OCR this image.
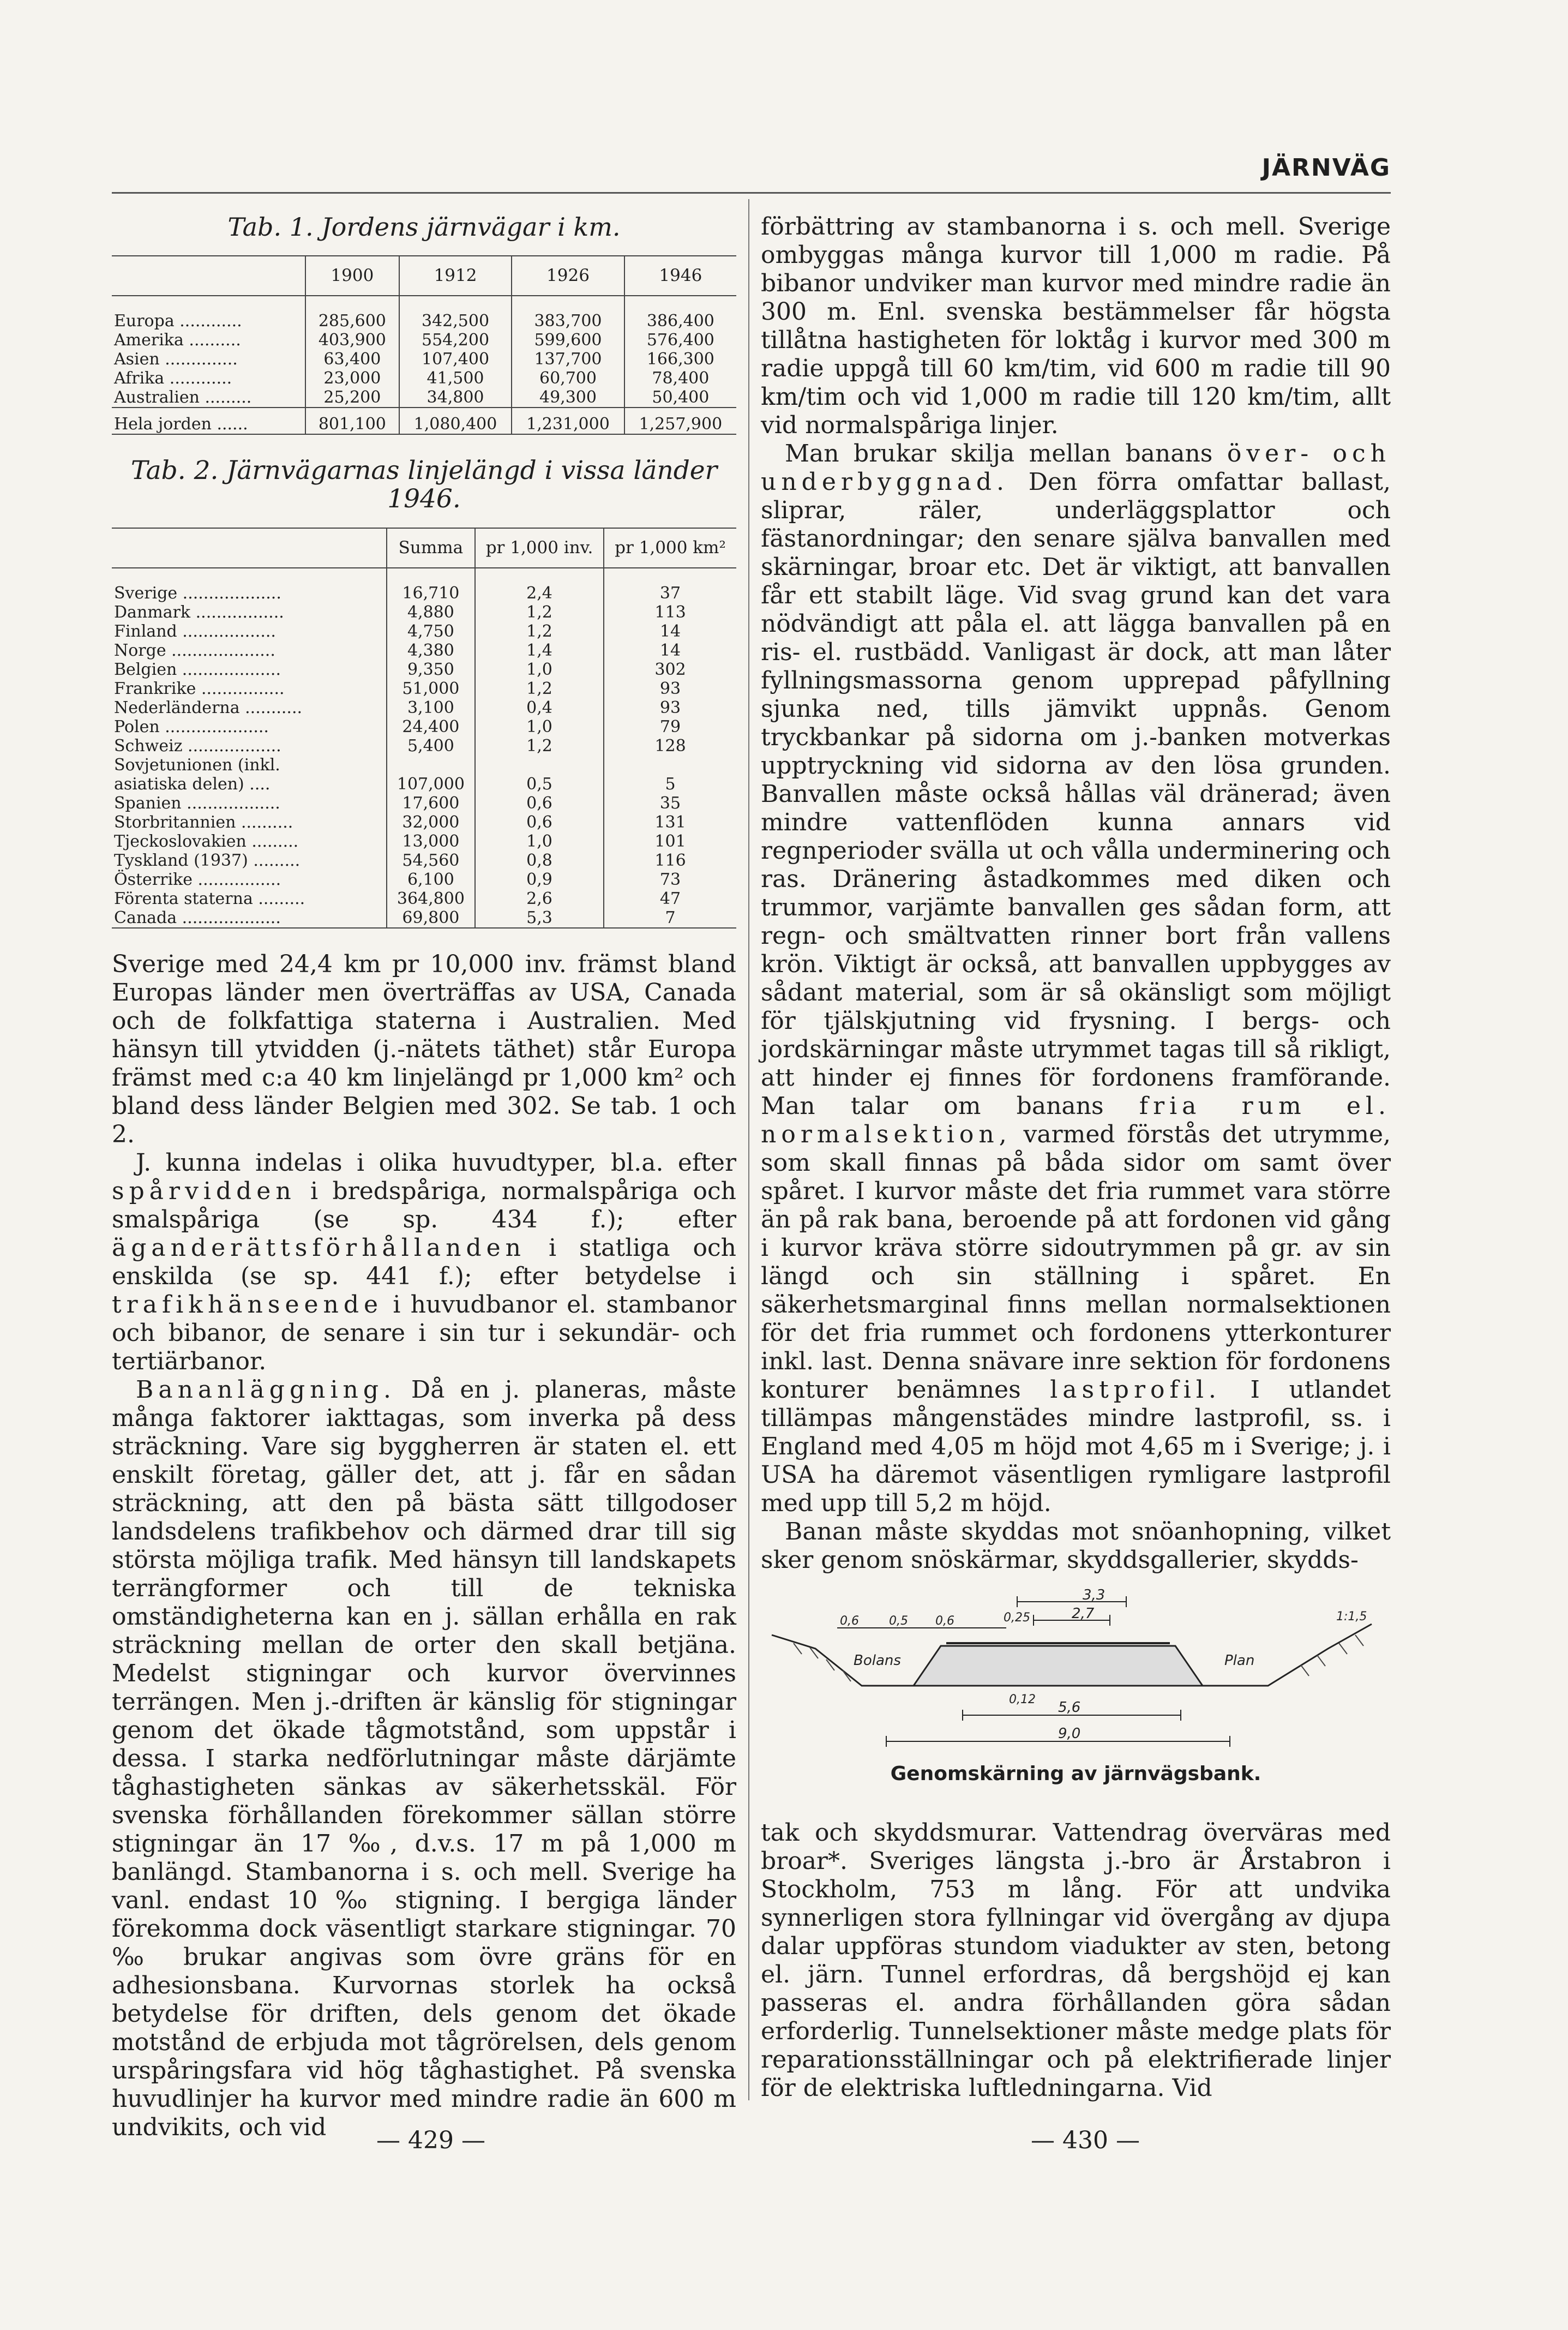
JÄRNVÄG
Tab. 1. Jordens järnvägar i km.
	1900	1912	1926	1946
Europa ............	285,600	342,500	383,700	386,400
Amerika ..........	403,900	554,200	599,600	576,400
Asien ..............	63,400	107,400	137,700	166,300
Afrika ............	23,000	41,500	60,700	78,400
Australien .........	25,200	34,800	49,300	50,400
Hela jorden ......	801,100	1,080,400	1,231,000	1,257,900
Tab. 2. Järnvägarnas linjelängd i vissa länder 1946.
	Summa	pr 1,000 inv.	pr 1,000 km²
Sverige ...................	16,710	2,4	37
Danmark .................	4,880	1,2	113
Finland ..................	4,750	1,2	14
Norge ....................	4,380	1,4	14
Belgien ...................	9,350	1,0	302
Frankrike ................	51,000	1,2	93
Nederländerna ...........	3,100	0,4	93
Polen ....................	24,400	1,0	79
Schweiz ..................	5,400	1,2	128
Sovjetunionen (inkl.			
asiatiska delen) ....	107,000	0,5	5
Spanien ..................	17,600	0,6	35
Storbritannien ..........	32,000	0,6	131
Tjeckoslovakien .........	13,000	1,0	101
Tyskland (1937) .........	54,560	0,8	116
Österrike ................	6,100	0,9	73
Förenta staterna .........	364,800	2,6	47
Canada ...................	69,800	5,3	7

Sverige med 24,4 km pr 10,000 inv. främst bland Europas länder men överträffas av USA, Canada och de folkfattiga staterna i Australien. Med hänsyn till ytvidden (j.-nätets täthet) står Europa främst med c:a 40 km linjelängd pr 1,000 km² och bland dess länder Belgien med 302. Se tab. 1 och 2.

J. kunna indelas i olika huvudtyper, bl.a. efter spårvidden i bredspåriga, normalspåriga och smalspåriga (se sp. 434 f.); efter äganderättsförhållanden i statliga och enskilda (se sp. 441 f.); efter betydelse i trafikhänseende i huvudbanor el. stambanor och bibanor, de senare i sin tur i sekundär- och tertiärbanor.

Bananläggning. Då en j. planeras, måste många faktorer iakttagas, som inverka på dess sträckning. Vare sig byggherren är staten el. ett enskilt företag, gäller det, att j. får en sådan sträckning, att den på bästa sätt tillgodoser landsdelens trafikbehov och därmed drar till sig största möjliga trafik. Med hänsyn till landskapets terrängformer och till de tekniska omständigheterna kan en j. sällan erhålla en rak sträckning mellan de orter den skall betjäna. Medelst stigningar och kurvor övervinnes terrängen. Men j.-driften är känslig för stigningar genom det ökade tågmotstånd, som uppstår i dessa. I starka nedförlutningar måste därjämte tåghastigheten sänkas av säkerhetsskäl. För svenska förhållanden förekommer sällan större stigningar än 17 ‰, d.v.s. 17 m på 1,000 m banlängd. Stambanorna i s. och mell. Sverige ha vanl. endast 10 ‰ stigning. I bergiga länder förekomma dock väsentligt starkare stigningar. 70 ‰ brukar angivas som övre gräns för en adhesionsbana. Kurvornas storlek ha också betydelse för driften, dels genom det ökade motstånd de erbjuda mot tågrörelsen, dels genom urspåringsfara vid hög tåghastighet. På svenska huvudlinjer ha kurvor med mindre radie än 600 m undvikits, och vid

förbättring av stambanorna i s. och mell. Sverige ombyggas många kurvor till 1,000 m radie. På bibanor undviker man kurvor med mindre radie än 300 m. Enl. svenska bestämmelser får högsta tillåtna hastigheten för loktåg i kurvor med 300 m radie uppgå till 60 km/tim, vid 600 m radie till 90 km/tim och vid 1,000 m radie till 120 km/tim, allt vid normalspåriga linjer.

Man brukar skilja mellan banans över- och underbyggnad. Den förra omfattar ballast, sliprar, räler, underläggsplattor och fästanordningar; den senare själva banvallen med skärningar, broar etc. Det är viktigt, att banvallen får ett stabilt läge. Vid svag grund kan det vara nödvändigt att påla el. att lägga banvallen på en ris- el. rustbädd. Vanligast är dock, att man låter fyllningsmassorna genom upprepad påfyllning sjunka ned, tills jämvikt uppnås. Genom tryckbankar på sidorna om j.-banken motverkas upptryckning vid sidorna av den lösa grunden. Banvallen måste också hållas väl dränerad; även mindre vattenflöden kunna annars vid regnperioder svälla ut och vålla underminering och ras. Dränering åstadkommes med diken och trummor, varjämte banvallen ges sådan form, att regn- och smältvatten rinner bort från vallens krön. Viktigt är också, att banvallen uppbygges av sådant material, som är så okänsligt som möjligt för tjälskjutning vid frysning. I bergs- och jordskärningar måste utrymmet tagas till så rikligt, att hinder ej finnes för fordonens framförande. Man talar om banans fria rum el. normalsektion, varmed förstås det utrymme, som skall finnas på båda sidor om samt över spåret. I kurvor måste det fria rummet vara större än på rak bana, beroende på att fordonen vid gång i kurvor kräva större sidoutrymmen på gr. av sin längd och sin ställning i spåret. En säkerhetsmarginal finns mellan normalsektionen för det fria rummet och fordonens ytterkonturer inkl. last. Denna snävare inre sektion för fordonens konturer benämnes lastprofil. I utlandet tillämpas mångenstädes mindre lastprofil, ss. i England med 4,05 m höjd mot 4,65 m i Sverige; j. i USA ha däremot väsentligen rymligare lastprofil med upp till 5,2 m höjd.

Banan måste skyddas mot snöanhopning, vilket sker genom snöskärmar, skyddsgallerier, skydds-

3,3
2,7
0,25
0,6	0,5 0,6
0,12 5,6
9,0
1:1,5
Bolans	Plan
Genomskärning av järnvägsbank.

tak och skyddsmurar. Vattendrag överväras med broar*. Sveriges längsta j.-bro är Årstabron i Stockholm, 753 m lång. För att undvika synnerligen stora fyllningar vid övergång av djupa dalar uppföras stundom viadukter av sten, betong el. järn. Tunnel erfordras, då bergshöjd ej kan passeras el. andra förhållanden göra sådan erforderlig. Tunnelsektioner måste medge plats för reparationsställningar och på elektrifierade linjer för de elektriska luftledningarna. Vid

— 429 —	— 430 —
